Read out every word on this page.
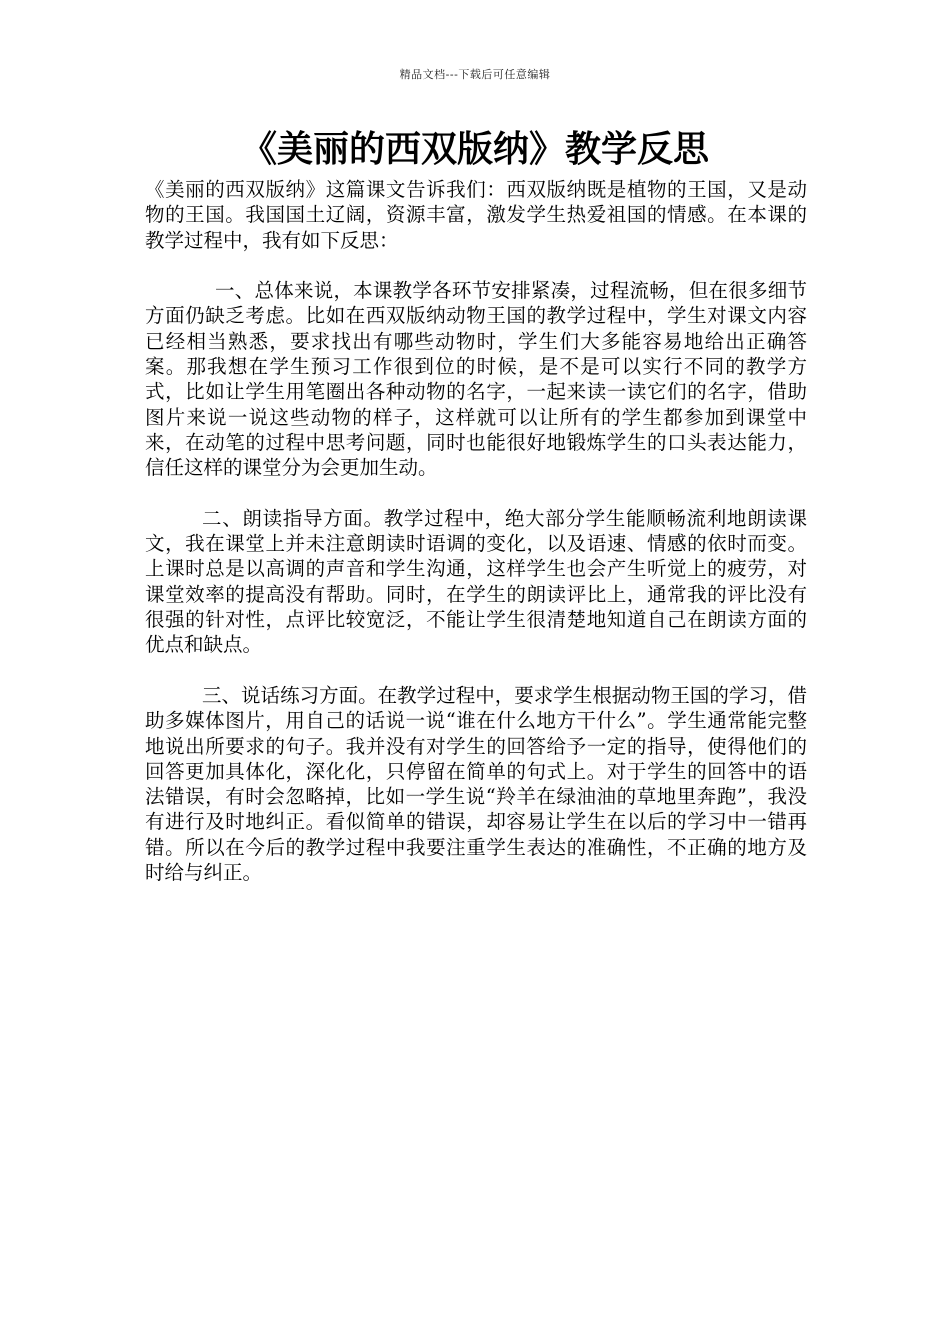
精品文档---下载后可任意编辑
《美丽的西双版纳》教学反思

《美丽的西双版纳》这篇课文告诉我们：西双版纳既是植物的王国，又是动物的王国。我国国土辽阔，资源丰富，激发学生热爱祖国的情感。在本课的教学过程中，我有如下反思：

一、总体来说，本课教学各环节安排紧凑，过程流畅，但在很多细节方面仍缺乏考虑。比如在西双版纳动物王国的教学过程中，学生对课文内容已经相当熟悉，要求找出有哪些动物时，学生们大多能容易地给出正确答案。那我想在学生预习工作很到位的时候，是不是可以实行不同的教学方式，比如让学生用笔圈出各种动物的名字，一起来读一读它们的名字，借助图片来说一说这些动物的样子，这样就可以让所有的学生都参加到课堂中来，在动笔的过程中思考问题，同时也能很好地锻炼学生的口头表达能力，信任这样的课堂分为会更加生动。

二、朗读指导方面。教学过程中，绝大部分学生能顺畅流利地朗读课文，我在课堂上并未注意朗读时语调的变化，以及语速、情感的依时而变。上课时总是以高调的声音和学生沟通，这样学生也会产生听觉上的疲劳，对课堂效率的提高没有帮助。同时，在学生的朗读评比上，通常我的评比没有很强的针对性，点评比较宽泛，不能让学生很清楚地知道自己在朗读方面的优点和缺点。

三、说话练习方面。在教学过程中，要求学生根据动物王国的学习，借助多媒体图片，用自己的话说一说“谁在什么地方干什么”。学生通常能完整地说出所要求的句子。我并没有对学生的回答给予一定的指导，使得他们的回答更加具体化，深化化，只停留在简单的句式上。对于学生的回答中的语法错误，有时会忽略掉，比如一学生说“羚羊在绿油油的草地里奔跑”，我没有进行及时地纠正。看似简单的错误，却容易让学生在以后的学习中一错再错。所以在今后的教学过程中我要注重学生表达的准确性，不正确的地方及时给与纠正。
